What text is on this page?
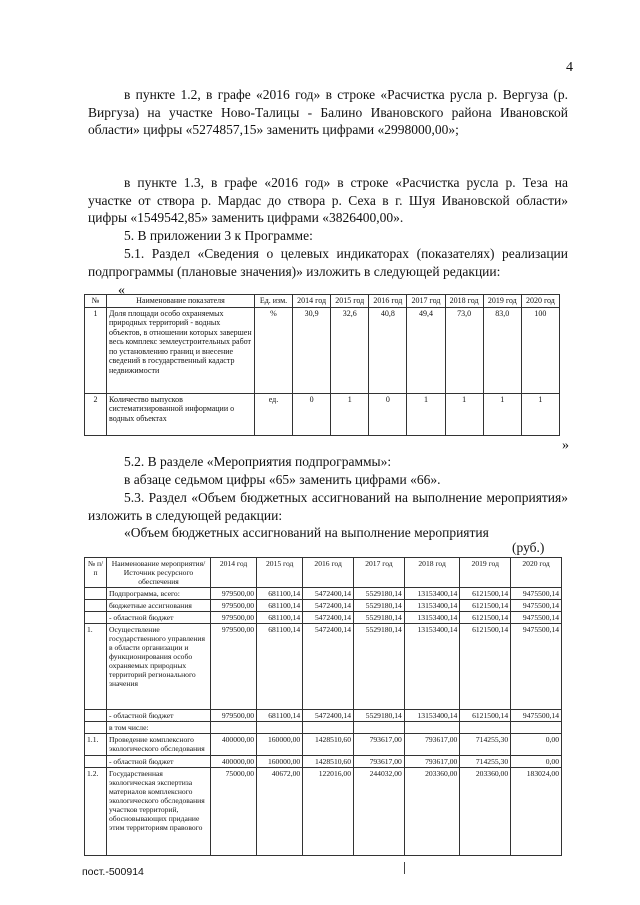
4

в пункте 1.2, в графе «2016 год» в строке «Расчистка русла р. Вергуза (р. Виргуза) на участке Ново-Талицы - Балино Ивановского района Ивановской области» цифры «5274857,15» заменить цифрами «2998000,00»;

в пункте 1.3, в графе «2016 год» в строке «Расчистка русла р. Теза на участке от створа р. Мардас до створа р. Сеха в г. Шуя Ивановской области» цифры «1549542,85» заменить цифрами «3826400,00».

5. В приложении 3 к Программе:

5.1. Раздел «Сведения о целевых индикаторах (показателях) реализации подпрограммы (плановые значения)» изложить в следующей редакции:

«
№	Наименование показателя	Ед. изм.	2014 год	2015 год	2016 год	2017 год	2018 год	2019 год	2020 год
1	Доля площади особо охраняемых природных территорий - водных объектов, в отношении которых завершен весь комплекс землеустроительных работ по установлению границ и внесение сведений в государственный кадастр недвижимости	%	30,9	32,6	40,8	49,4	73,0	83,0	100
2	Количество выпусков систематизированной информации о водных объектах	ед.	0	1	0	1	1	1	1
»

5.2. В разделе «Мероприятия подпрограммы»:

в абзаце седьмом цифры «65» заменить цифрами «66».

5.3. Раздел «Объем бюджетных ассигнований на выполнение мероприятия» изложить в следующей редакции:

«Объем бюджетных ассигнований на выполнение мероприятия

(руб.)
№ п/п	Наименование мероприятия/Источник ресурсного обеспечения	2014 год	2015 год	2016 год	2017 год	2018 год	2019 год	2020 год
	Подпрограмма, всего:	979500,00	681100,14	5472400,14	5529180,14	13153400,14	6121500,14	9475500,14
	бюджетные ассигнования	979500,00	681100,14	5472400,14	5529180,14	13153400,14	6121500,14	9475500,14
	- областной бюджет	979500,00	681100,14	5472400,14	5529180,14	13153400,14	6121500,14	9475500,14
1.	Осуществление государственного управления в области организации и функционирования особо охраняемых природных территорий регионального значения	979500,00	681100,14	5472400,14	5529180,14	13153400,14	6121500,14	9475500,14
	- областной бюджет	979500,00	681100,14	5472400,14	5529180,14	13153400,14	6121500,14	9475500,14
	в том числе:							
1.1.	Проведение комплексного экологического обследования	400000,00	160000,00	1428510,60	793617,00	793617,00	714255,30	0,00
	- областной бюджет	400000,00	160000,00	1428510,60	793617,00	793617,00	714255,30	0,00
1.2.	Государственная экологическая экспертиза материалов комплексного экологического обследования участков территорий, обосновывающих придание этим территориям правового	75000,00	40672,00	122016,00	244032,00	203360,00	203360,00	183024,00
пост.-500914
